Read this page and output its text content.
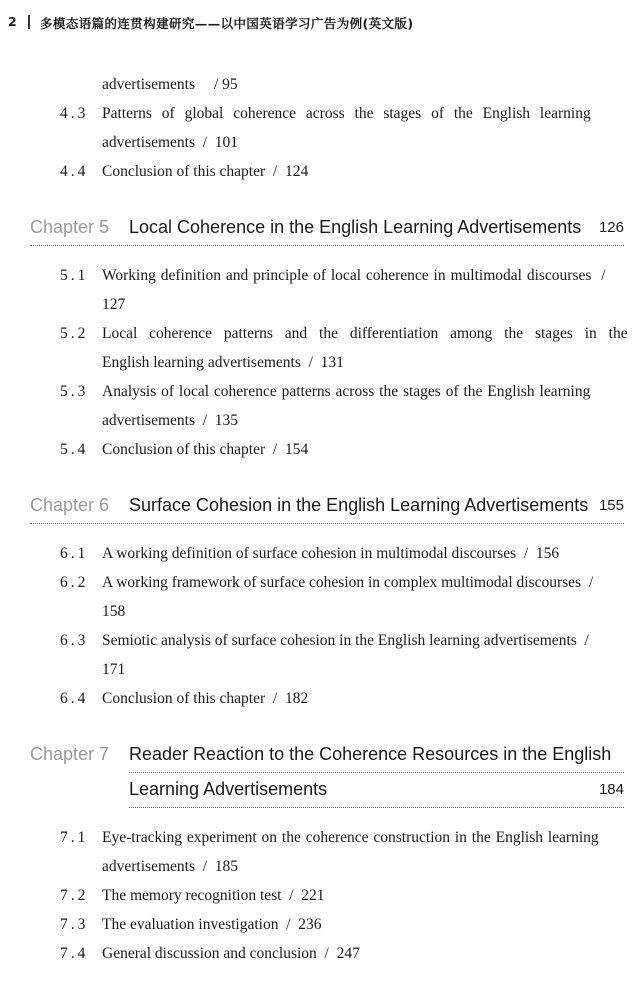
2 多模态语篇的连贯构建研究——以中国英语学习广告为例(英文版)
advertisements / 95
4.3 Patterns of global coherence across the stages of the English learning
advertisements  /  101
4.4 Conclusion of this chapter  /  124
Chapter 5 Local Coherence in the English Learning Advertisements 126
5.1 Working definition and principle of local coherence in multimodal discourses  /
127
5.2 Local coherence patterns and the differentiation among the stages in the
English learning advertisements  /  131
5.3 Analysis of local coherence patterns across the stages of the English learning
advertisements  /  135
5.4 Conclusion of this chapter  /  154
Chapter 6 Surface Cohesion in the English Learning Advertisements 155
6.1 A working definition of surface cohesion in multimodal discourses  /  156
6.2 A working framework of surface cohesion in complex multimodal discourses  /
158
6.3 Semiotic analysis of surface cohesion in the English learning advertisements  /
171
6.4 Conclusion of this chapter  /  182
Chapter 7 Reader Reaction to the Coherence Resources in the English
Learning Advertisements	184
7.1 Eye-tracking experiment on the coherence construction in the English learning
advertisements  /  185
7.2 The memory recognition test  /  221
7.3 The evaluation investigation  /  236
7.4 General discussion and conclusion  /  247
